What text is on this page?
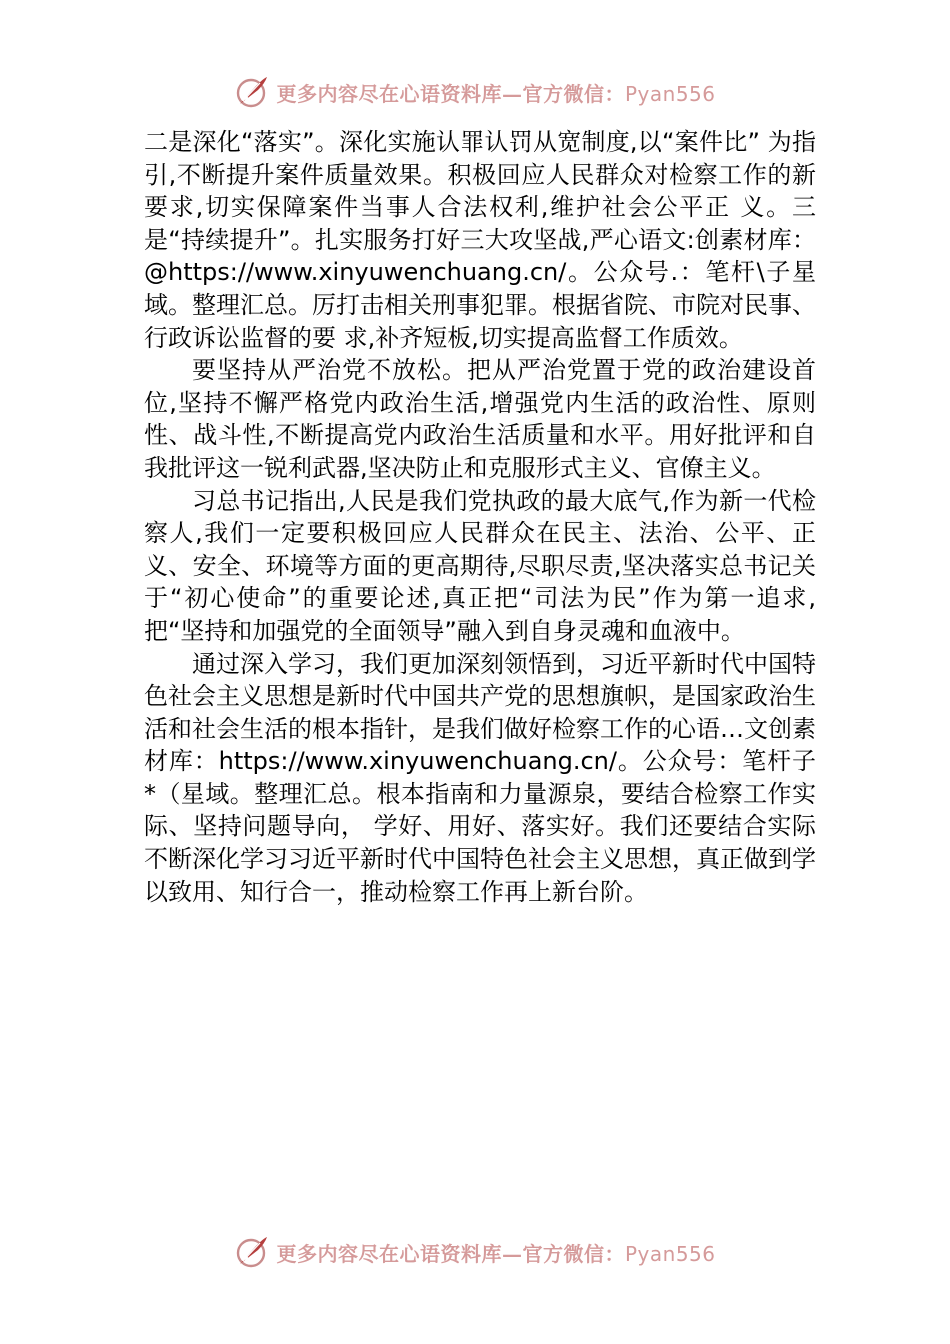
更多内容尽在心语资料库—官方微信：Pyan556

二是深化“落实”。深化实施认罪认罚从宽制度,以“案件比” 为指引,不断提升案件质量效果。积极回应人民群众对检察工作的新要求,切实保障案件当事人合法权利,维护社会公平正 义。三是“持续提升”。扎实服务打好三大攻坚战,严心语文:创素材库：@https://www.xinyuwenchuang.cn/。公众号.：笔杆\子星域。整理汇总。厉打击相关刑事犯罪。根据省院、市院对民事、行政诉讼监督的要 求,补齐短板,切实提高监督工作质效。

要坚持从严治党不放松。把从严治党置于党的政治建设首位,坚持不懈严格党内政治生活,增强党内生活的政治性、原则性、战斗性,不断提高党内政治生活质量和水平。用好批评和自我批评这一锐利武器,坚决防止和克服形式主义、官僚主义。

习总书记指出,人民是我们党执政的最大底气,作为新一代检察人,我们一定要积极回应人民群众在民主、法治、公平、正义、安全、环境等方面的更高期待,尽职尽责,坚决落实总书记关于“初心使命”的重要论述,真正把“司法为民”作为第一追求,把“坚持和加强党的全面领导”融入到自身灵魂和血液中。

通过深入学习，我们更加深刻领悟到，习近平新时代中国特色社会主义思想是新时代中国共产党的思想旗帜，是国家政治生活和社会生活的根本指针，是我们做好检察工作的心语…文创素材库：https://www.xinyuwenchuang.cn/。公众号：笔杆子*（星域。整理汇总。根本指南和力量源泉，要结合检察工作实际、坚持问题导向， 学好、用好、落实好。我们还要结合实际不断深化学习习近平新时代中国特色社会主义思想，真正做到学以致用、知行合一，推动检察工作再上新台阶。

更多内容尽在心语资料库—官方微信：Pyan556
